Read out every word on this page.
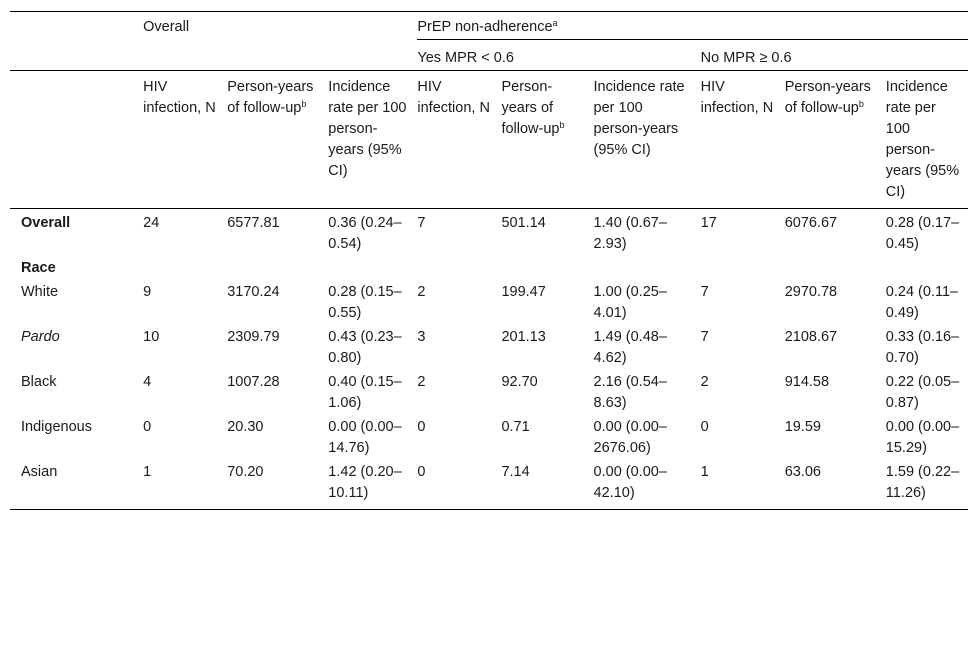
	Overall			PrEP non-adherence$^a$
				Yes MPR < 0.6			No MPR ≥ 0.6		
	HIV infection, N	Person-years of follow-$up^b$	Incidence rate per 100 person-years (95% CI)	HIV infection, N	Person-years of follow-$up^b$	Incidence rate per 100 person-years (95% CI)	HIV infection, N	Person-years of follow-$up^b$	Incidence rate per 100 person-years (95% CI)
Overall	24	6577.81	0.36 (0.24–0.54)	7	501.14	1.40 (0.67–2.93)	17	6076.67	0.28 (0.17–0.45)
Race									
White	9	3170.24	0.28 (0.15–0.55)	2	199.47	1.00 (0.25–4.01)	7	2970.78	0.24 (0.11–0.49)
Pardo	10	2309.79	0.43 (0.23–0.80)	3	201.13	1.49 (0.48–4.62)	7	2108.67	0.33 (0.16–0.70)
Black	4	1007.28	0.40 (0.15–1.06)	2	92.70	2.16 (0.54–8.63)	2	914.58	0.22 (0.05–0.87)
Indigenous	0	20.30	0.00 (0.00–14.76)	0	0.71	0.00 (0.00–2676.06)	0	19.59	0.00 (0.00–15.29)
Asian	1	70.20	1.42 (0.20–10.11)	0	7.14	0.00 (0.00–42.10)	1	63.06	1.59 (0.22–11.26)
